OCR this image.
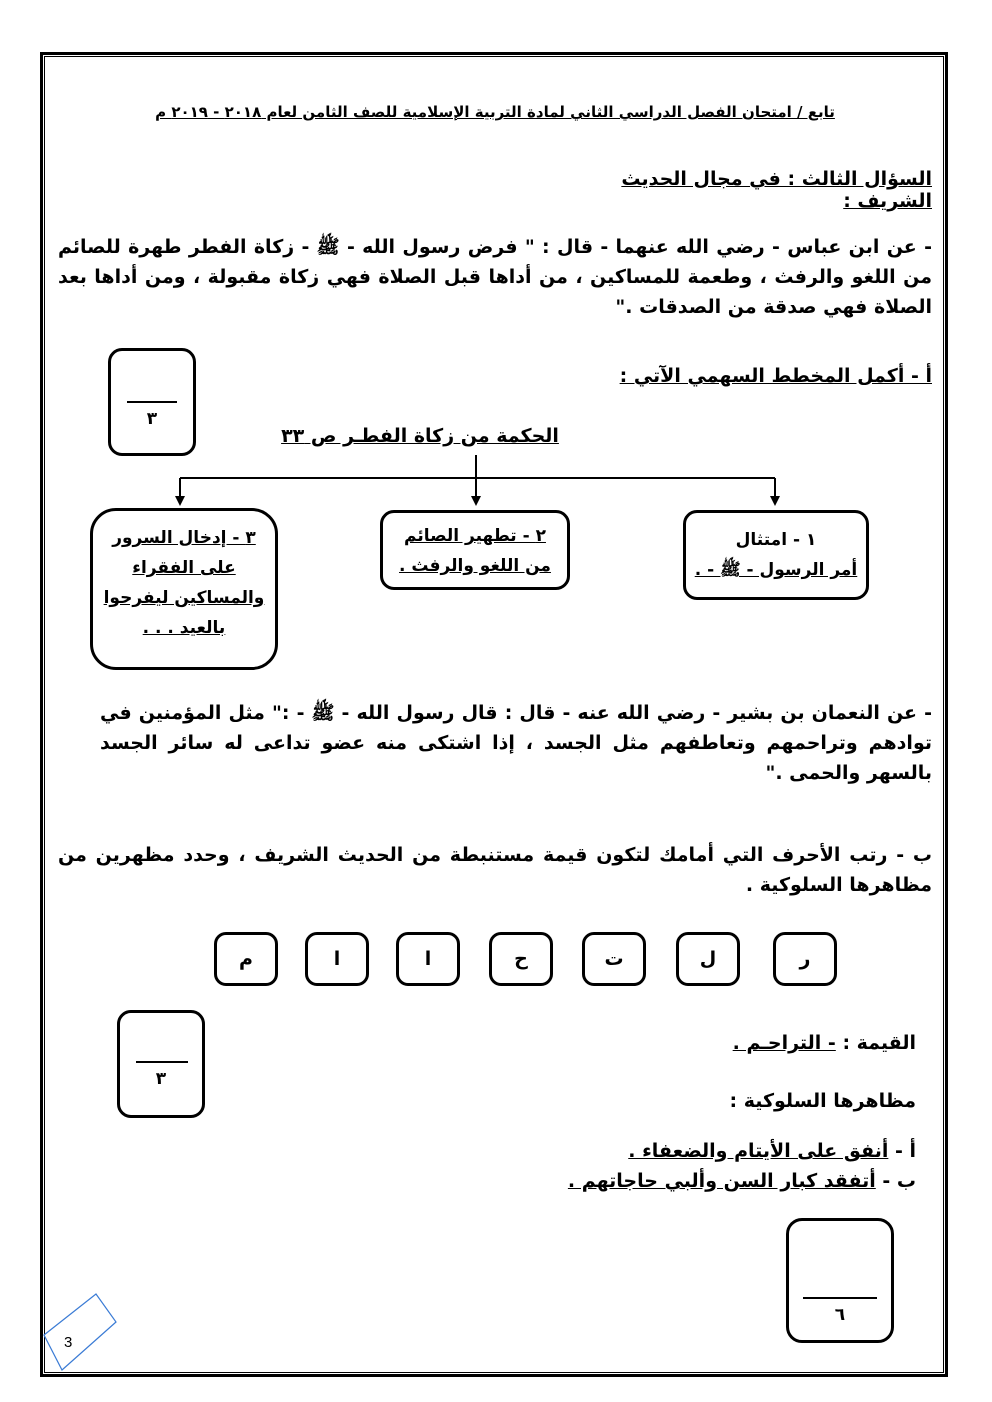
تابع / امتحان الفصل الدراسي الثاني لمادة التربية الإسلامية للصف الثامن لعام ٢٠١٨ - ٢٠١٩ م
السؤال الثالث : في مجال الحديث الشريف :
- عن ابن عباس - رضي الله عنهما - قال : " فرض رسول الله - ﷺ - زكاة الفطر طهرة للصائم من اللغو والرفث ، وطعمة للمساكين ، من أداها قبل الصلاة فهي زكاة مقبولة ، ومن أداها بعد الصلاة فهي صدقة من الصدقات ."
أ - أكمل المخطط السهمي الآتي :
٣
الحكمة من زكاة الفطـر ص ٣٣
١ - امتثال
أمر الرسول - ﷺ - .
٢ - تطهير الصائم
من اللغو والرفث .
٣ - إدخال السرور
على الفقراء
والمساكين ليفرحوا
بالعيد . . .
- عن النعمان بن بشير - رضي الله عنه - قال : قال رسول الله - ﷺ - :" مثل المؤمنين في توادهم وتراحمهم وتعاطفهم مثل الجسد ، إذا اشتكى منه عضو تداعى له سائر الجسد بالسهر والحمى ."
ب - رتب الأحرف التي أمامك لتكون قيمة مستنبطة من الحديث الشريف ، وحدد مظهرين من مظاهرها السلوكية .
ر
ل
ت
ح
ا
ا
م
٣
القيمة : - التراحـم .
مظاهرها السلوكية :
أ - أنفق على الأيتام والضعفاء .
ب - أتفقد كبار السن وألبي حاجاتهم .
٦
3
